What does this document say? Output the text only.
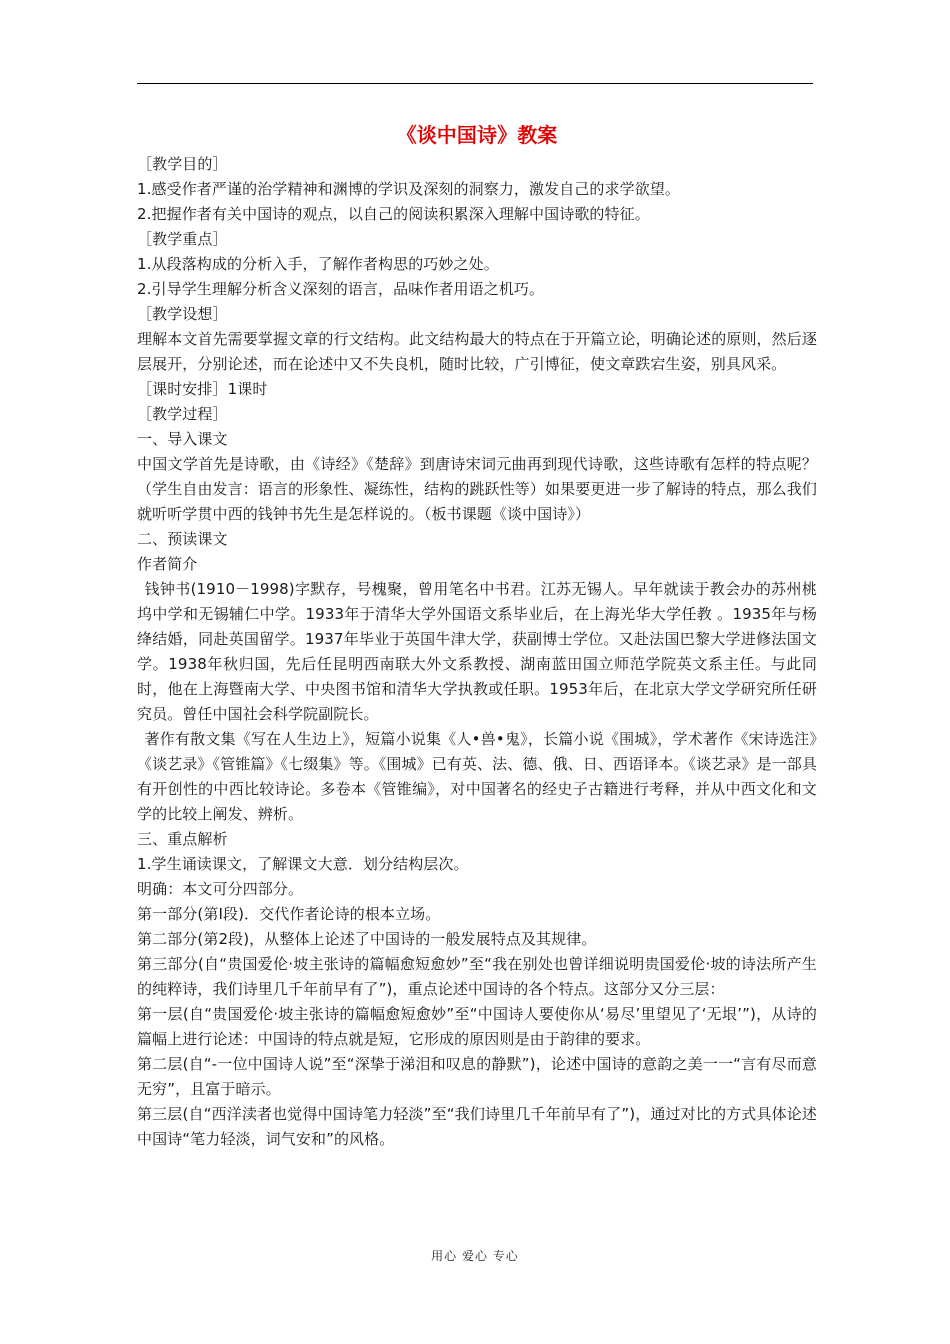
《谈中国诗》教案

［教学目的］

1.感受作者严谨的治学精神和渊博的学识及深刻的洞察力，激发自己的求学欲望。

2.把握作者有关中国诗的观点，以自己的阅读积累深入理解中国诗歌的特征。

［教学重点］

1.从段落构成的分析入手，了解作者构思的巧妙之处。

2.引导学生理解分析含义深刻的语言，品味作者用语之机巧。

［教学设想］

理解本文首先需要掌握文章的行文结构。此文结构最大的特点在于开篇立论，明确论述的原则，然后逐层展开，分别论述，而在论述中又不失良机，随时比较，广引博征，使文章跌宕生姿，别具风采。

［课时安排］1课时

［教学过程］

一、导入课文

中国文学首先是诗歌，由《诗经》《楚辞》到唐诗宋词元曲再到现代诗歌，这些诗歌有怎样的特点呢？（学生自由发言：语言的形象性、凝练性，结构的跳跃性等）如果要更进一步了解诗的特点，那么我们就听听学贯中西的钱钟书先生是怎样说的。（板书课题《谈中国诗》）

二、预读课文

作者简介

钱钟书(1910－1998)字默存，号槐聚，曾用笔名中书君。江苏无锡人。早年就读于教会办的苏州桃坞中学和无锡辅仁中学。1933年于清华大学外国语文系毕业后，在上海光华大学任教 。1935年与杨绛结婚，同赴英国留学。1937年毕业于英国牛津大学，获副博士学位。又赴法国巴黎大学进修法国文学。1938年秋归国，先后任昆明西南联大外文系教授、湖南蓝田国立师范学院英文系主任。与此同时，他在上海暨南大学、中央图书馆和清华大学执教或任职。1953年后，在北京大学文学研究所任研究员。曾任中国社会科学院副院长。

著作有散文集《写在人生边上》，短篇小说集《人•兽•鬼》，长篇小说《围城》，学术著作《宋诗选注》《谈艺录》《管锥篇》《七缀集》等。《围城》已有英、法、德、俄、日、西语译本。《谈艺录》是一部具有开创性的中西比较诗论。多卷本《管锥编》，对中国著名的经史子古籍进行考释，并从中西文化和文学的比较上阐发、辨析。

三、重点解析

1.学生诵读课文，了解课文大意．划分结构层次。

明确：本文可分四部分。

第一部分(第Ⅰ段)．交代作者论诗的根本立场。

第二部分(第2段)，从整体上论述了中国诗的一般发展特点及其规律。

第三部分(自“贵国爱伦·坡主张诗的篇幅愈短愈妙”至“我在别处也曾详细说明贵国爱伦·坡的诗法所产生的纯粹诗，我们诗里几千年前早有了”)，重点论述中国诗的各个特点。这部分又分三层：

第一层(自“贵国爱伦·坡主张诗的篇幅愈短愈妙”至“中国诗人要使你从‘易尽’里望见了‘无垠’”)，从诗的篇幅上进行论述：中国诗的特点就是短，它形成的原因则是由于韵律的要求。

第二层(自“-一位中国诗人说”至“深挚于涕泪和叹息的静默”)，论述中国诗的意韵之美一一“言有尽而意无穷”，且富于暗示。

第三层(自“西洋渎者也觉得中国诗笔力轻淡”至“我们诗里几千年前早有了”)，通过对比的方式具体论述中国诗“笔力轻淡，词气安和”的风格。

用心 爱心 专心
